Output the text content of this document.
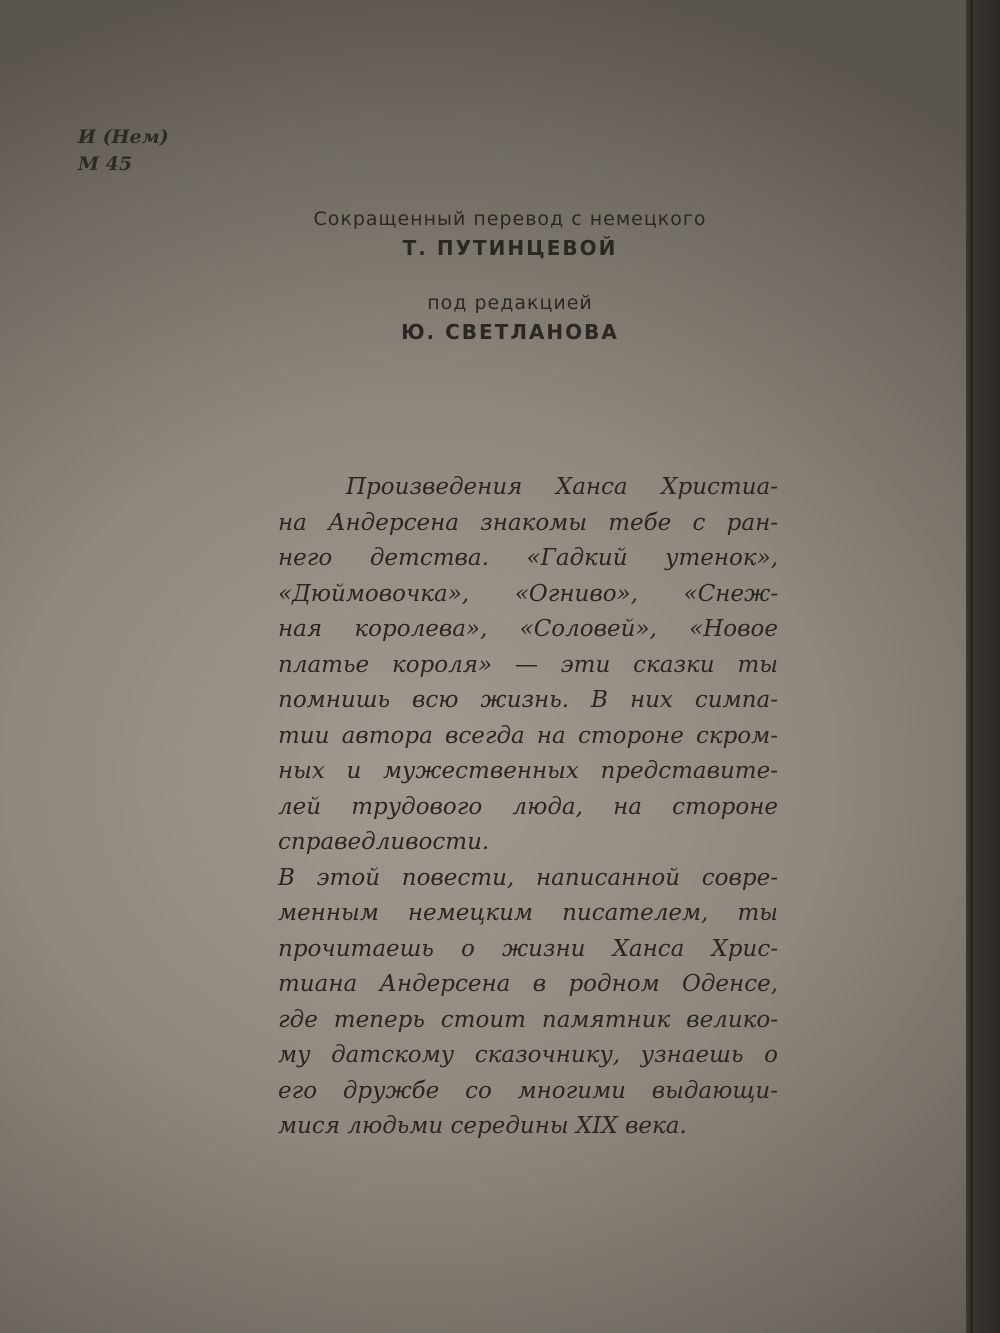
И (Нем)
М 45
Сокращенный перевод с немецкого
Т. ПУТИНЦЕВОЙ
под редакцией
Ю. СВЕТЛАНОВА
Произведения Ханса Христиа-
на Андерсена знакомы тебе с ран-
него детства. «Гадкий утенок»,
«Дюймовочка», «Огниво», «Снеж-
ная королева», «Соловей», «Новое
платье короля» — эти сказки ты
помнишь всю жизнь. В них симпа-
тии автора всегда на стороне скром-
ных и мужественных представите-
лей трудового люда, на стороне
справедливости.
В этой повести, написанной совре-
менным немецким писателем, ты
прочитаешь о жизни Ханса Хрис-
тиана Андерсена в родном Оденсе,
где теперь стоит памятник велико-
му датскому сказочнику, узнаешь о
его дружбе со многими выдающи-
мися людьми середины XIX века.
